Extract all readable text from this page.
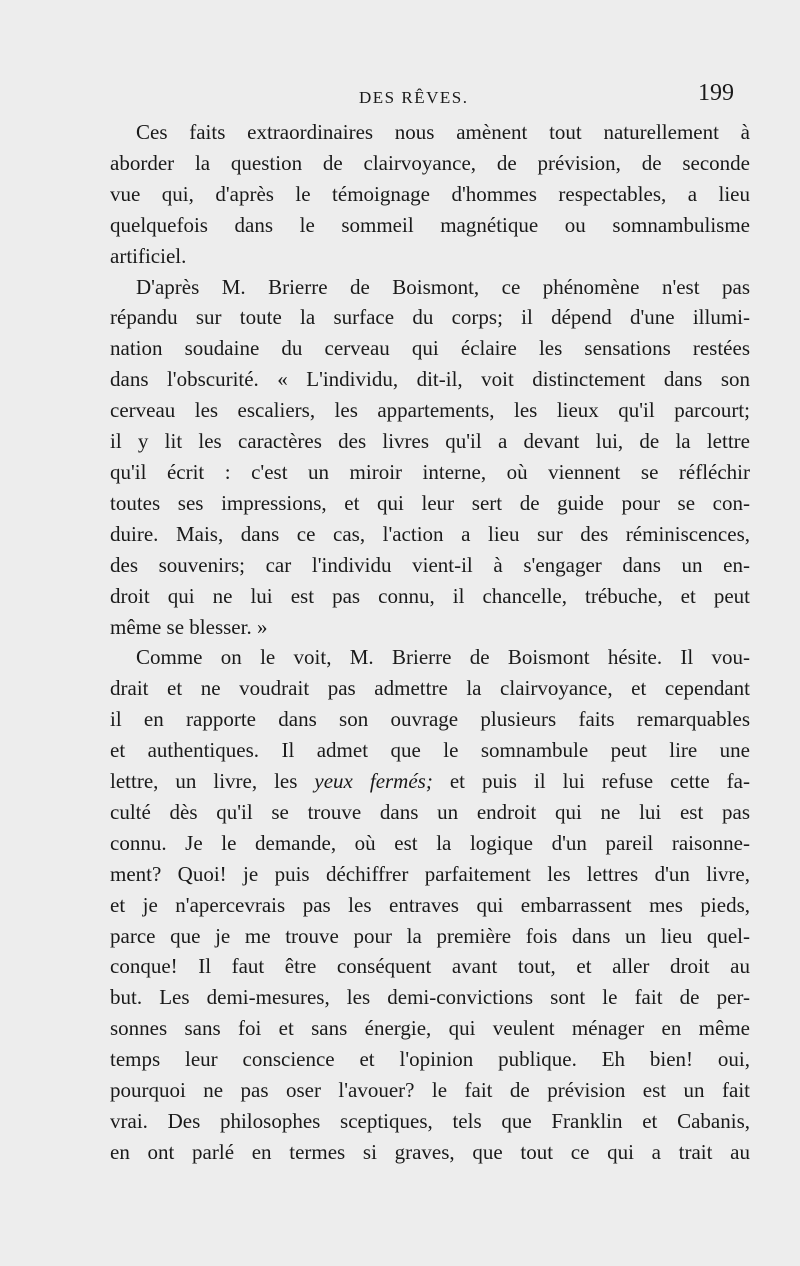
DES RÊVES.	199
Ces faits extraordinaires nous amènent tout naturellement à
aborder la question de clairvoyance, de prévision, de seconde
vue qui, d'après le témoignage d'hommes respectables, a lieu
quelquefois dans le sommeil magnétique ou somnambulisme
artificiel.
D'après M. Brierre de Boismont, ce phénomène n'est pas
répandu sur toute la surface du corps; il dépend d'une illumi-
nation soudaine du cerveau qui éclaire les sensations restées
dans l'obscurité. « L'individu, dit-il, voit distinctement dans son
cerveau les escaliers, les appartements, les lieux qu'il parcourt;
il y lit les caractères des livres qu'il a devant lui, de la lettre
qu'il écrit : c'est un miroir interne, où viennent se réfléchir
toutes ses impressions, et qui leur sert de guide pour se con-
duire. Mais, dans ce cas, l'action a lieu sur des réminiscences,
des souvenirs; car l'individu vient-il à s'engager dans un en-
droit qui ne lui est pas connu, il chancelle, trébuche, et peut
même se blesser. »
Comme on le voit, M. Brierre de Boismont hésite. Il vou-
drait et ne voudrait pas admettre la clairvoyance, et cependant
il en rapporte dans son ouvrage plusieurs faits remarquables
et authentiques. Il admet que le somnambule peut lire une
lettre, un livre, les yeux fermés; et puis il lui refuse cette fa-
culté dès qu'il se trouve dans un endroit qui ne lui est pas
connu. Je le demande, où est la logique d'un pareil raisonne-
ment? Quoi! je puis déchiffrer parfaitement les lettres d'un livre,
et je n'apercevrais pas les entraves qui embarrassent mes pieds,
parce que je me trouve pour la première fois dans un lieu quel-
conque! Il faut être conséquent avant tout, et aller droit au
but. Les demi-mesures, les demi-convictions sont le fait de per-
sonnes sans foi et sans énergie, qui veulent ménager en même
temps leur conscience et l'opinion publique. Eh bien! oui,
pourquoi ne pas oser l'avouer? le fait de prévision est un fait
vrai. Des philosophes sceptiques, tels que Franklin et Cabanis,
en ont parlé en termes si graves, que tout ce qui a trait au
